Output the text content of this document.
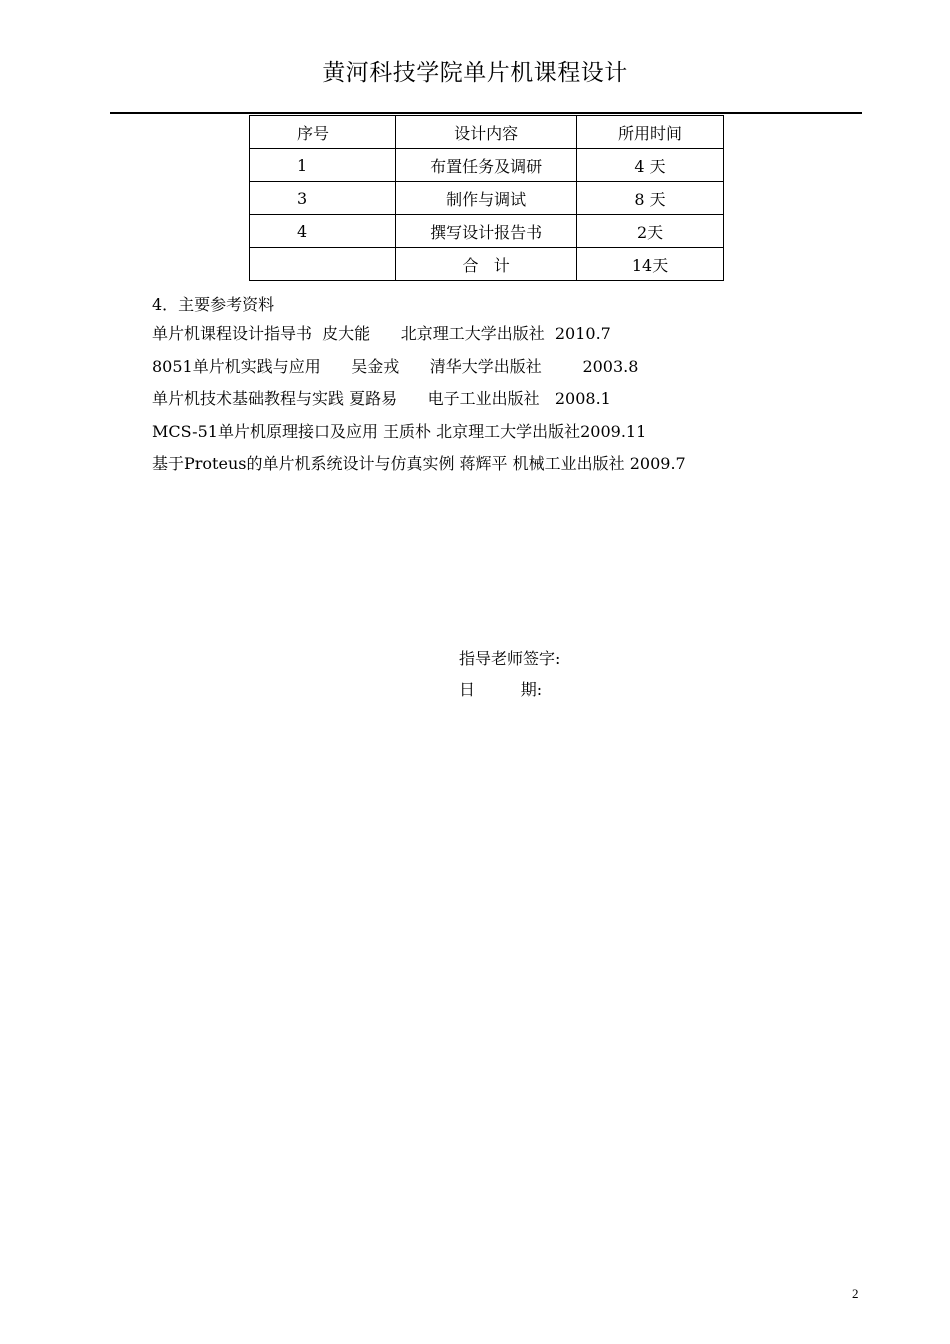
黄河科技学院单片机课程设计
序号	设计内容	所用时间
1	布置任务及调研	4 天
3	制作与调试	8 天
4	撰写设计报告书	2天
	合   计	14天
4．主要参考资料
单片机课程设计指导书  皮大能      北京理工大学出版社  2010.7
8051单片机实践与应用      吴金戎      清华大学出版社        2003.8
单片机技术基础教程与实践 夏路易      电子工业出版社   2008.1
MCS-51单片机原理接口及应用 王质朴 北京理工大学出版社2009.11
基于Proteus的单片机系统设计与仿真实例 蒋辉平 机械工业出版社 2009.7
指导老师签字:
日         期:
2
